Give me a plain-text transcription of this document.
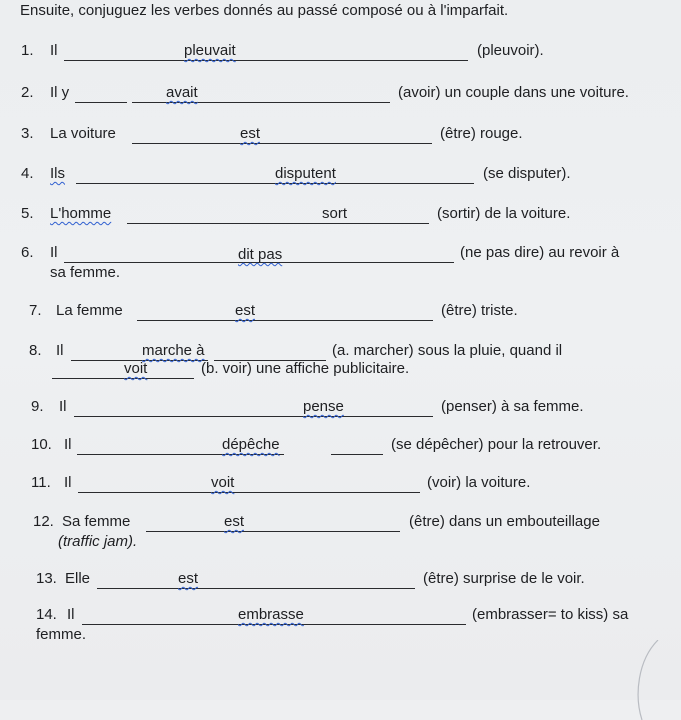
Ensuite, conjuguez les verbes donnés au passé composé ou à l'imparfait.
1. Il	pleuvait	(pleuvoir).
2. Il y	avait	(avoir) un couple dans une voiture.
3. La voiture	est	(être) rouge.
4. Ils	disputent	(se disputer).
5. L'homme	sort	(sortir) de la voiture.
6. Il	dit pas	(ne pas dire) au revoir à
sa femme.
7. La femme	est	(être) triste.
8. Il	marche à	(a. marcher) sous la pluie, quand il
voit	(b. voir) une affiche publicitaire.
9. Il	pense	(penser) à sa femme.
10. Il	dépêche	(se dépêcher) pour la retrouver.
11. Il	voit	(voir) la voiture.
12. Sa femme	est	(être) dans un embouteillage
(traffic jam).
13. Elle	est	(être) surprise de le voir.
14. Il	embrasse	(embrasser= to kiss) sa
femme.
